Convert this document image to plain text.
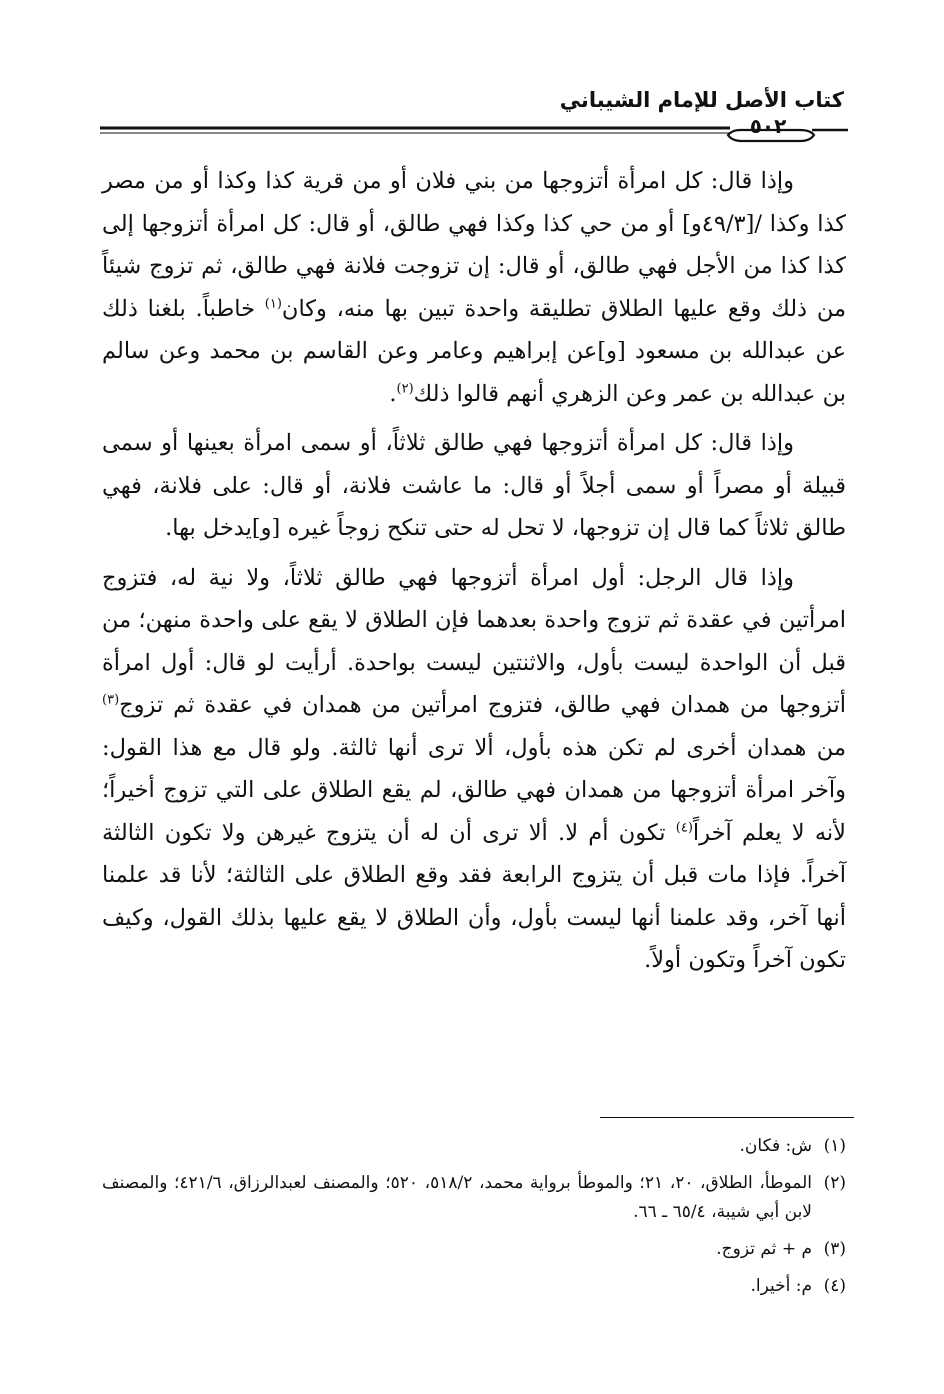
كتاب الأصل للإمام الشيباني
٥٠٢

وإذا قال: كل امرأة أتزوجها من بني فلان أو من قرية كذا وكذا أو من مصر كذا وكذا /[٤٩/٣و] أو من حي كذا وكذا فهي طالق، أو قال: كل امرأة أتزوجها إلى كذا كذا من الأجل فهي طالق، أو قال: إن تزوجت فلانة فهي طالق، ثم تزوج شيئاً من ذلك وقع عليها الطلاق تطليقة واحدة تبين بها منه، وكان$^{(١)}$ خاطباً. بلغنا ذلك عن عبدالله بن مسعود [و]عن إبراهيم وعامر وعن القاسم بن محمد وعن سالم بن عبدالله بن عمر وعن الزهري أنهم قالوا ذلك$^{(٢)}$.

وإذا قال: كل امرأة أتزوجها فهي طالق ثلاثاً، أو سمى امرأة بعينها أو سمى قبيلة أو مصراً أو سمى أجلاً أو قال: ما عاشت فلانة، أو قال: على فلانة، فهي طالق ثلاثاً كما قال إن تزوجها، لا تحل له حتى تنكح زوجاً غيره [و]يدخل بها.

وإذا قال الرجل: أول امرأة أتزوجها فهي طالق ثلاثاً، ولا نية له، فتزوج امرأتين في عقدة ثم تزوج واحدة بعدهما فإن الطلاق لا يقع على واحدة منهن؛ من قبل أن الواحدة ليست بأول، والاثنتين ليست بواحدة. أرأيت لو قال: أول امرأة أتزوجها من همدان فهي طالق، فتزوج امرأتين من همدان في عقدة ثم تزوج$^{(٣)}$ من همدان أخرى لم تكن هذه بأول، ألا ترى أنها ثالثة. ولو قال مع هذا القول: وآخر امرأة أتزوجها من همدان فهي طالق، لم يقع الطلاق على التي تزوج أخيراً؛ لأنه لا يعلم آخراً$^{(٤)}$ تكون أم لا. ألا ترى أن له أن يتزوج غيرهن ولا تكون الثالثة آخراً. فإذا مات قبل أن يتزوج الرابعة فقد وقع الطلاق على الثالثة؛ لأنا قد علمنا أنها آخر، وقد علمنا أنها ليست بأول، وأن الطلاق لا يقع عليها بذلك القول، وكيف تكون آخراً وتكون أولاً.

(١)
ش: فكان.
(٢)
الموطأ، الطلاق، ٢٠، ٢١؛ والموطأ برواية محمد، ٥١٨/٢، ٥٢٠؛ والمصنف لعبدالرزاق، ٤٢١/٦؛ والمصنف لابن أبي شيبة، ٦٥/٤ ـ ٦٦.
(٣)
م + ثم تزوج.
(٤)
م: أخيرا.
